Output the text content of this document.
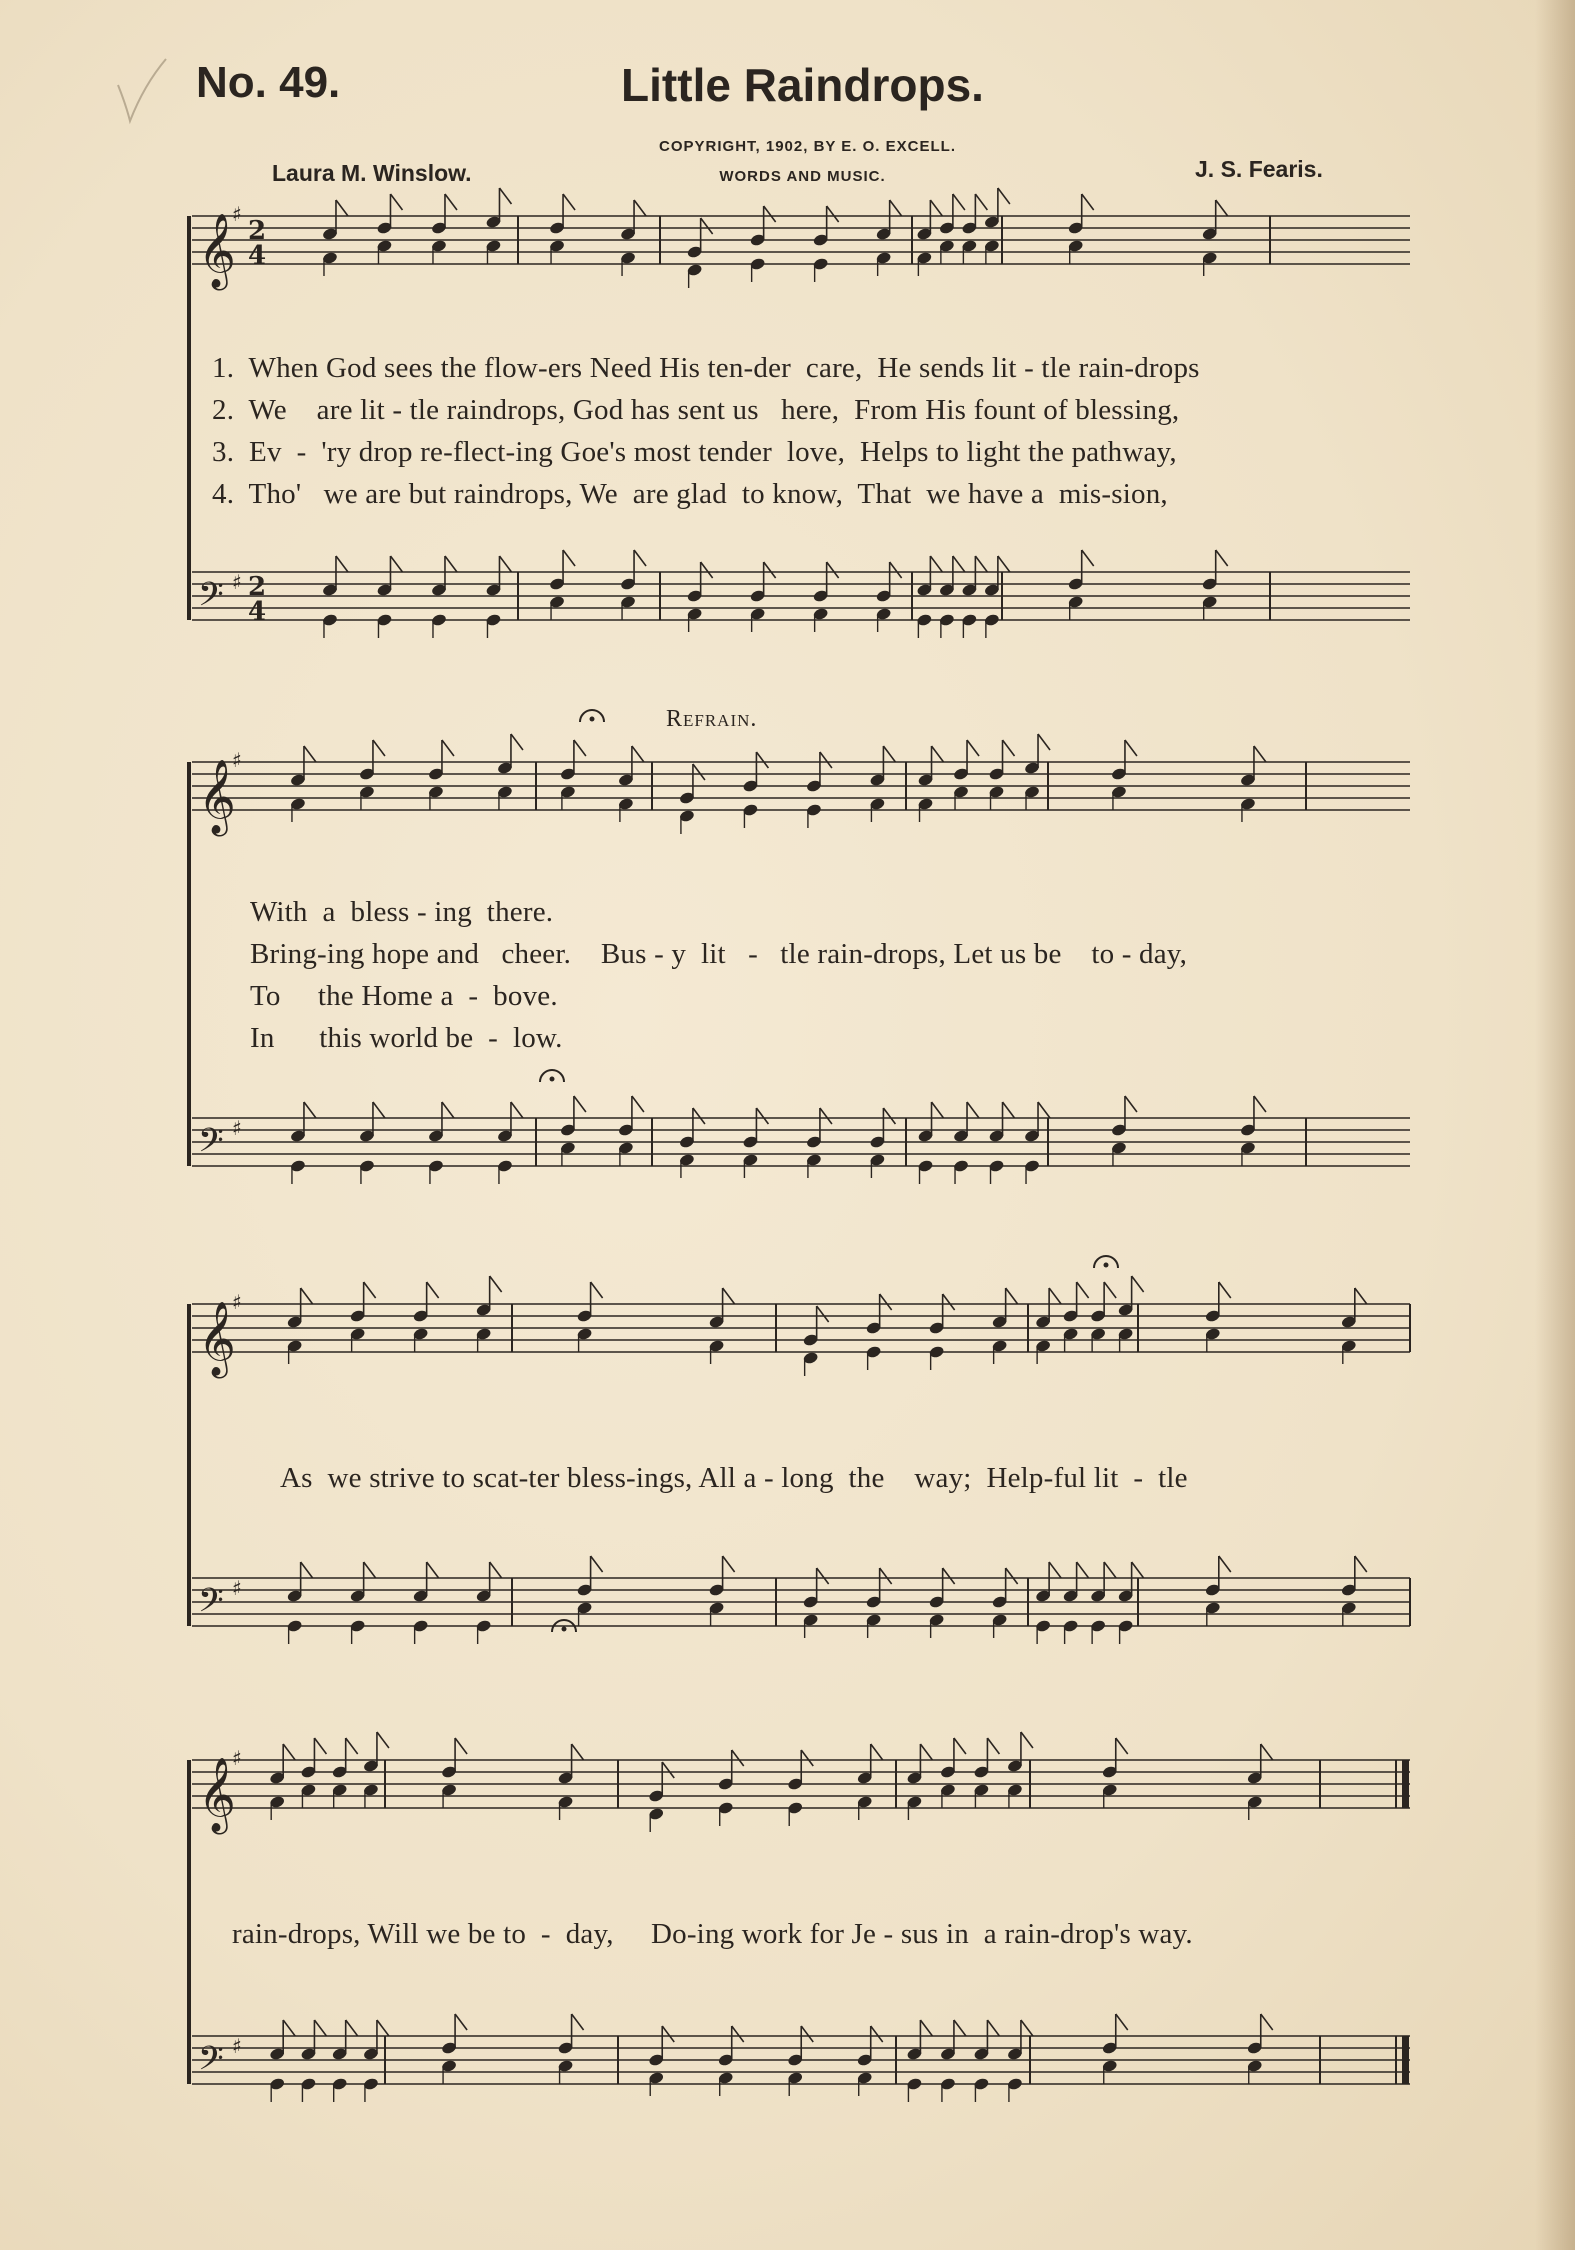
No. 49.	Little Raindrops.
COPYRIGHT, 1902, BY E. O. EXCELL.
WORDS AND MUSIC.
Laura M. Winslow.	J. S. Fearis.
Refrain.
1.  When God sees the flow-ers Need His ten-der  care,  He sends lit - tle rain-drops
2.  We    are lit - tle raindrops, God has sent us   here,  From His fount of blessing,
3.  Ev  -  'ry drop re-flect-ing Goe's most tender  love,  Helps to light the pathway,
4.  Tho'   we are but raindrops, We  are glad  to know,  That  we have a  mis-sion,
With  a  bless - ing  there.
Bring-ing hope and   cheer.    Bus - y  lit   -   tle rain-drops, Let us be    to - day,
To     the Home a  -  bove.
In      this world be  -  low.
As  we strive to scat-ter bless-ings, All a - long  the    way;  Help-ful lit  -  tle
rain-drops, Will we be to  -  day,     Do-ing work for Je - sus in  a rain-drop's way.
𝄞
♯
2
4
𝄢 ♯ 2
4
𝄞
♯
𝄢 ♯
𝄞
♯
𝄢 ♯
𝄞
♯
𝄢 ♯
